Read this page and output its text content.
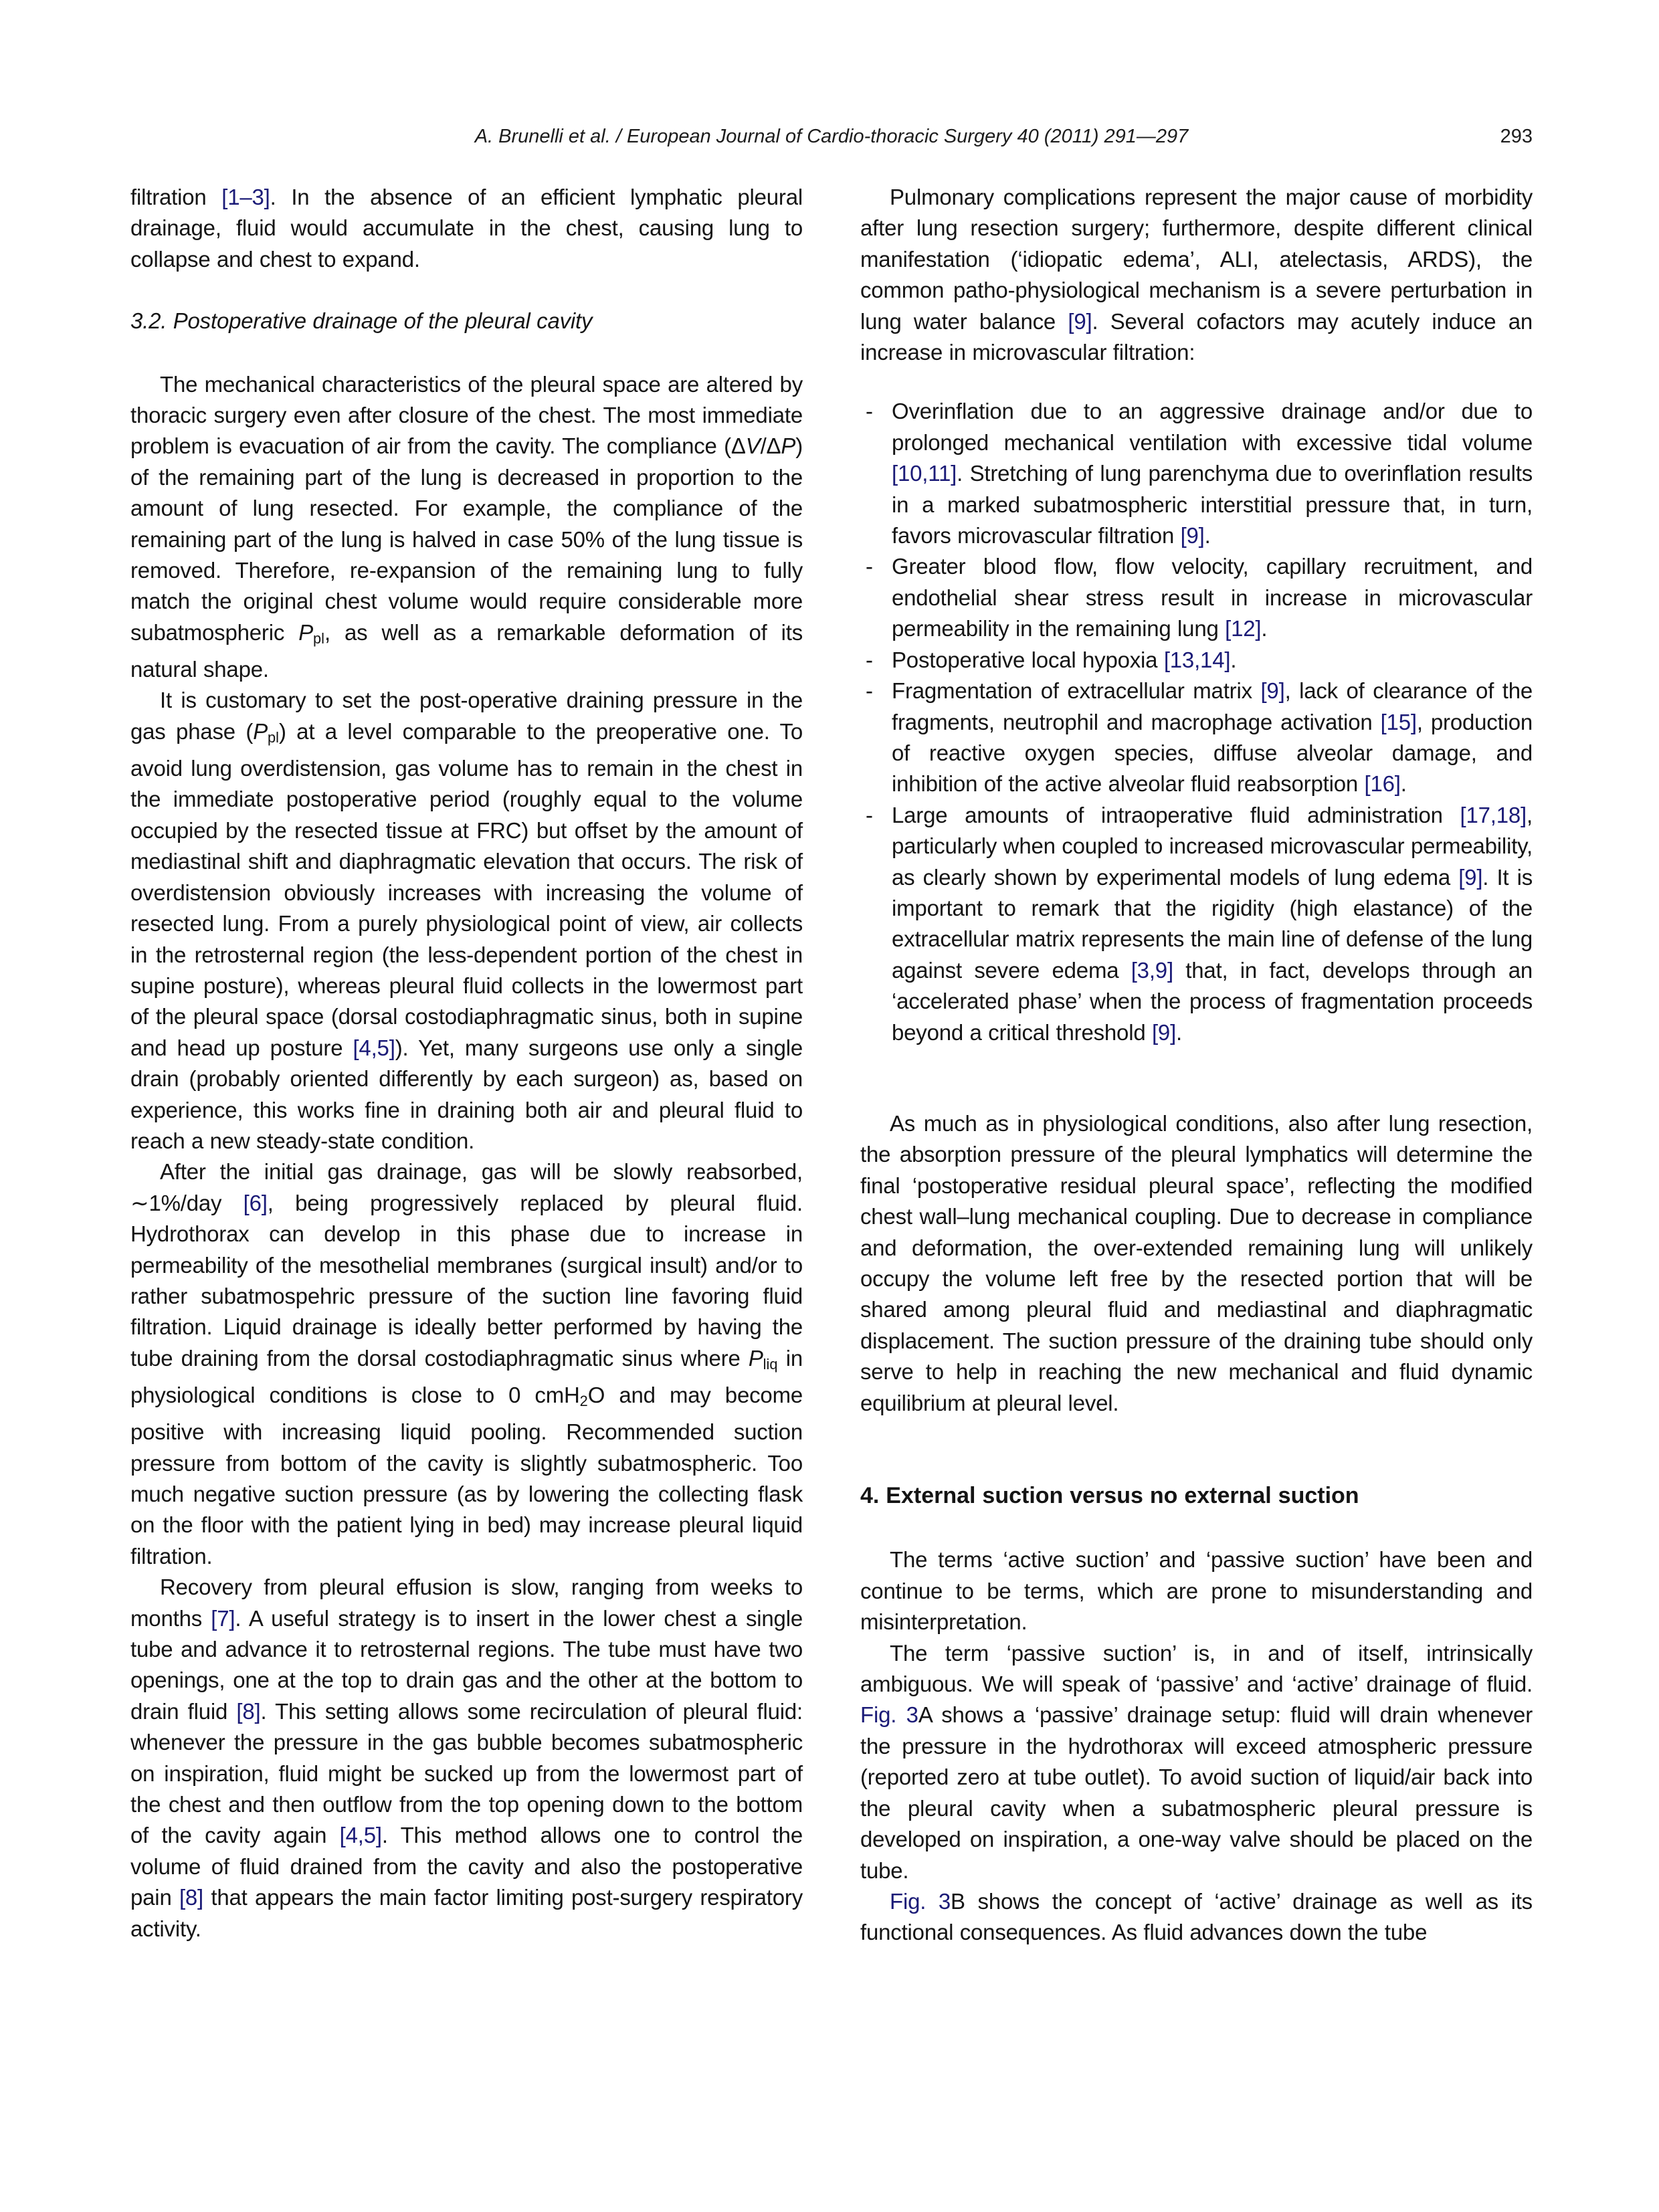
A. Brunelli et al. / European Journal of Cardio-thoracic Surgery 40 (2011) 291—297	293
filtration [1–3]. In the absence of an efficient lymphatic pleural drainage, fluid would accumulate in the chest, causing lung to collapse and chest to expand.
3.2. Postoperative drainage of the pleural cavity
The mechanical characteristics of the pleural space are altered by thoracic surgery even after closure of the chest. The most immediate problem is evacuation of air from the cavity. The compliance (ΔV/ΔP) of the remaining part of the lung is decreased in proportion to the amount of lung resected. For example, the compliance of the remaining part of the lung is halved in case 50% of the lung tissue is removed. Therefore, re-expansion of the remaining lung to fully match the original chest volume would require considerable more subatmospheric Ppl, as well as a remarkable deformation of its natural shape.
It is customary to set the post-operative draining pressure in the gas phase (Ppl) at a level comparable to the preoperative one. To avoid lung overdistension, gas volume has to remain in the chest in the immediate postoperative period (roughly equal to the volume occupied by the resected tissue at FRC) but offset by the amount of mediastinal shift and diaphragmatic elevation that occurs. The risk of overdistension obviously increases with increasing the volume of resected lung. From a purely physiological point of view, air collects in the retrosternal region (the less-dependent portion of the chest in supine posture), whereas pleural fluid collects in the lowermost part of the pleural space (dorsal costodiaphragmatic sinus, both in supine and head up posture [4,5]). Yet, many surgeons use only a single drain (probably oriented differently by each surgeon) as, based on experience, this works fine in draining both air and pleural fluid to reach a new steady-state condition.
After the initial gas drainage, gas will be slowly reabsorbed, ∼1%/day [6], being progressively replaced by pleural fluid. Hydrothorax can develop in this phase due to increase in permeability of the mesothelial membranes (surgical insult) and/or to rather subatmospehric pressure of the suction line favoring fluid filtration. Liquid drainage is ideally better performed by having the tube draining from the dorsal costodiaphragmatic sinus where Pliq in physiological conditions is close to 0 cmH2O and may become positive with increasing liquid pooling. Recommended suction pressure from bottom of the cavity is slightly subatmospheric. Too much negative suction pressure (as by lowering the collecting flask on the floor with the patient lying in bed) may increase pleural liquid filtration.
Recovery from pleural effusion is slow, ranging from weeks to months [7]. A useful strategy is to insert in the lower chest a single tube and advance it to retrosternal regions. The tube must have two openings, one at the top to drain gas and the other at the bottom to drain fluid [8]. This setting allows some recirculation of pleural fluid: whenever the pressure in the gas bubble becomes subatmospheric on inspiration, fluid might be sucked up from the lowermost part of the chest and then outflow from the top opening down to the bottom of the cavity again [4,5]. This method allows one to control the volume of fluid drained from the cavity and also the postoperative pain [8] that appears the main factor limiting post-surgery respiratory activity.
Pulmonary complications represent the major cause of morbidity after lung resection surgery; furthermore, despite different clinical manifestation (‘idiopatic edema’, ALI, atelectasis, ARDS), the common patho-physiological mechanism is a severe perturbation in lung water balance [9]. Several cofactors may acutely induce an increase in microvascular filtration:
- Overinflation due to an aggressive drainage and/or due to prolonged mechanical ventilation with excessive tidal volume [10,11]. Stretching of lung parenchyma due to overinflation results in a marked subatmospheric interstitial pressure that, in turn, favors microvascular filtration [9].
- Greater blood flow, flow velocity, capillary recruitment, and endothelial shear stress result in increase in microvascular permeability in the remaining lung [12].
- Postoperative local hypoxia [13,14].
- Fragmentation of extracellular matrix [9], lack of clearance of the fragments, neutrophil and macrophage activation [15], production of reactive oxygen species, diffuse alveolar damage, and inhibition of the active alveolar fluid reabsorption [16].
- Large amounts of intraoperative fluid administration [17,18], particularly when coupled to increased microvascular permeability, as clearly shown by experimental models of lung edema [9]. It is important to remark that the rigidity (high elastance) of the extracellular matrix represents the main line of defense of the lung against severe edema [3,9] that, in fact, develops through an ‘accelerated phase’ when the process of fragmentation proceeds beyond a critical threshold [9].
As much as in physiological conditions, also after lung resection, the absorption pressure of the pleural lymphatics will determine the final ‘postoperative residual pleural space’, reflecting the modified chest wall–lung mechanical coupling. Due to decrease in compliance and deformation, the over-extended remaining lung will unlikely occupy the volume left free by the resected portion that will be shared among pleural fluid and mediastinal and diaphragmatic displacement. The suction pressure of the draining tube should only serve to help in reaching the new mechanical and fluid dynamic equilibrium at pleural level.
4. External suction versus no external suction
The terms ‘active suction’ and ‘passive suction’ have been and continue to be terms, which are prone to misunderstanding and misinterpretation.
The term ‘passive suction’ is, in and of itself, intrinsically ambiguous. We will speak of ‘passive’ and ‘active’ drainage of fluid. Fig. 3A shows a ‘passive’ drainage setup: fluid will drain whenever the pressure in the hydrothorax will exceed atmospheric pressure (reported zero at tube outlet). To avoid suction of liquid/air back into the pleural cavity when a subatmospheric pleural pressure is developed on inspiration, a one-way valve should be placed on the tube.
Fig. 3B shows the concept of ‘active’ drainage as well as its functional consequences. As fluid advances down the tube
